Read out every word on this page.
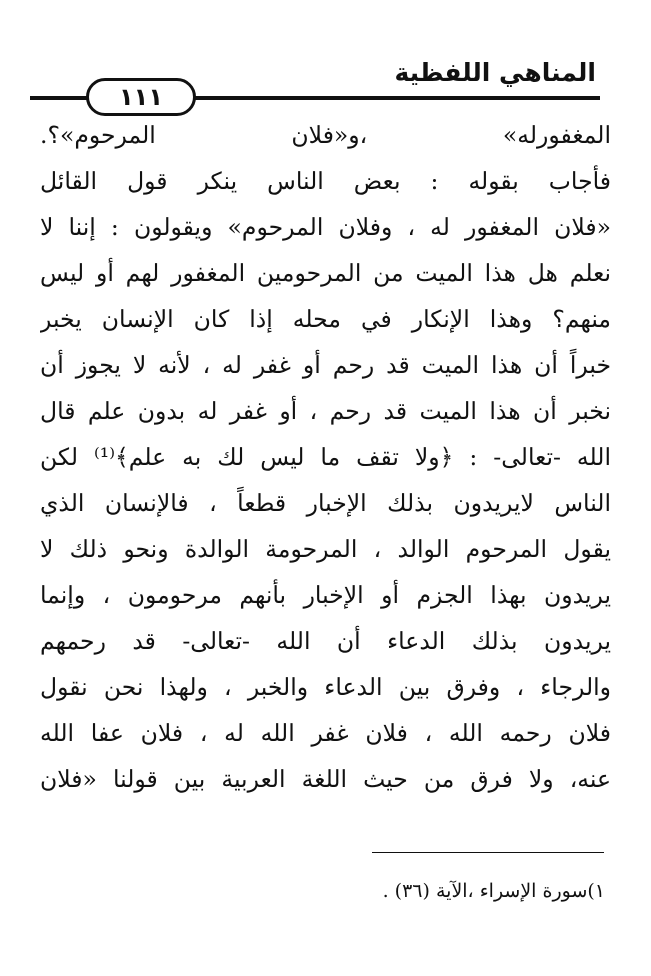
١١١
المناهي اللفظية
المغفورله» ،و«فلان المرحوم»؟.
فأجاب بقوله : بعض الناس ينكر قول القائل
«فلان المغفور له ، وفلان المرحوم» ويقولون : إننا لا
نعلم هل هذا الميت من المرحومين المغفور لهم أو ليس
منهم؟ وهذا الإنكار في محله إذا كان الإنسان يخبر
خبراً أن هذا الميت قد رحم أو غفر له ، لأنه لا يجوز أن
نخبر أن هذا الميت قد رحم ، أو غفر له بدون علم قال
الله -تعالى- : ﴿ولا تقف ما ليس لك به علم﴾⁽¹⁾ لكن
الناس لايريدون بذلك الإخبار قطعاً ، فالإنسان الذي
يقول المرحوم الوالد ، المرحومة الوالدة ونحو ذلك لا
يريدون بهذا الجزم أو الإخبار بأنهم مرحومون ، وإنما
يريدون بذلك الدعاء أن الله -تعالى- قد رحمهم
والرجاء ، وفرق بين الدعاء والخبر ، ولهذا نحن نقول
فلان رحمه الله ، فلان غفر الله له ، فلان عفا الله
عنه، ولا فرق من حيث اللغة العربية بين قولنا «فلان
١)سورة الإسراء ،الآية (٣٦) .
